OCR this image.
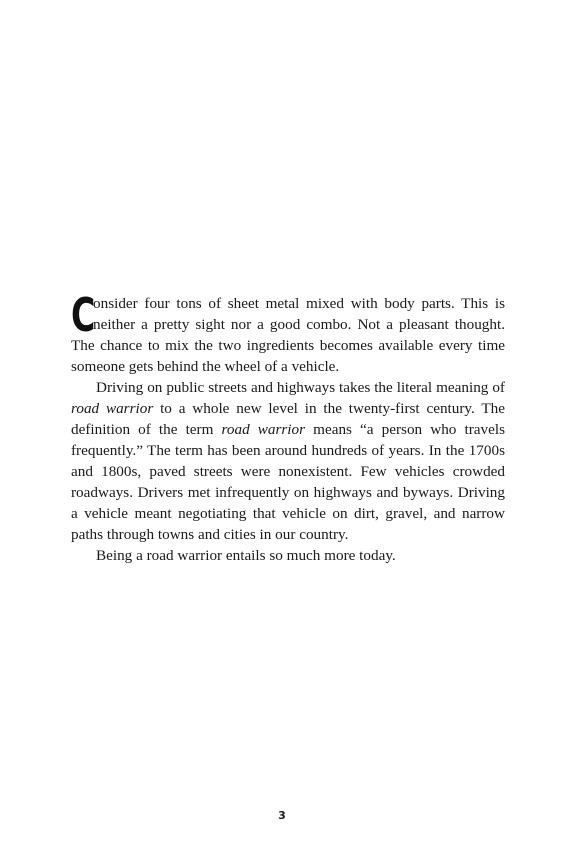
C
onsider four tons of sheet metal mixed with body parts. This is neither a pretty sight nor a good combo. Not a pleasant thought. The chance to mix the two ingredients becomes available every time someone gets behind the wheel of a vehicle.

Driving on public streets and highways takes the literal meaning of road warrior to a whole new level in the twenty-first century. The definition of the term road warrior means “a person who travels frequently.” The term has been around hundreds of years. In the 1700s and 1800s, paved streets were nonexistent. Few vehicles crowded roadways. Drivers met infrequently on highways and byways. Driving a vehicle meant negotiating that vehicle on dirt, gravel, and narrow paths through towns and cities in our country.

Being a road warrior entails so much more today.

3
